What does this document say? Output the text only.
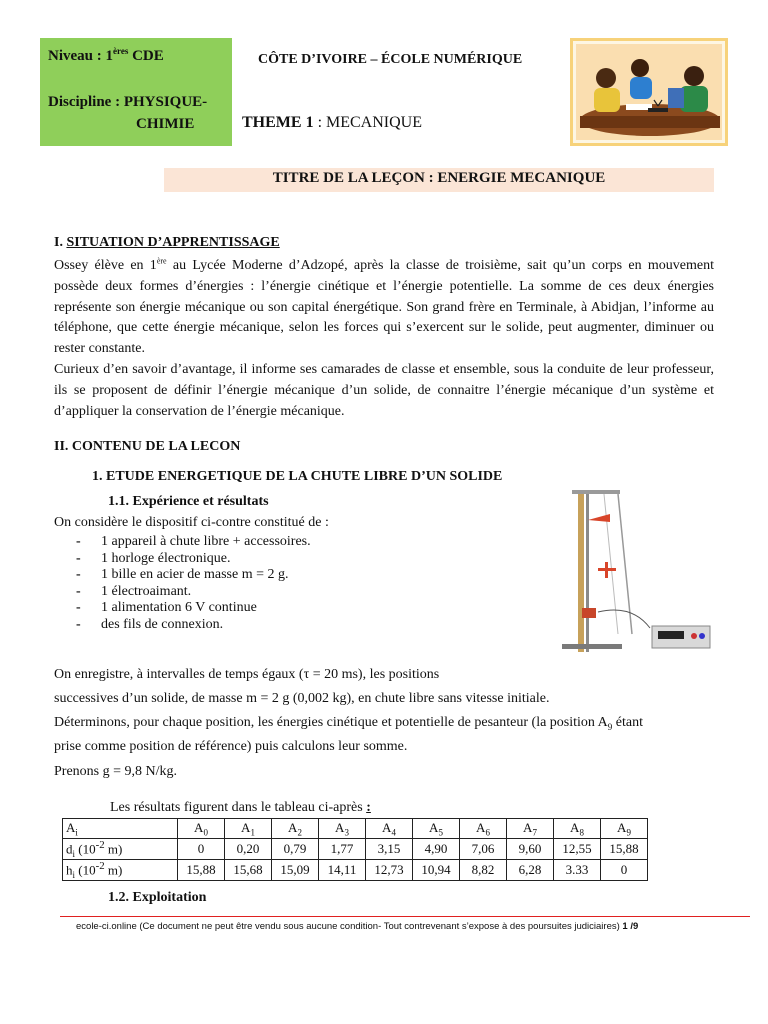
Niveau : 1ères CDE
Discipline : PHYSIQUE-
CHIMIE
CÔTE D’IVOIRE – ÉCOLE NUMÉRIQUE
THEME 1 : MECANIQUE
TITRE DE LA LEÇON : ENERGIE MECANIQUE
I. SITUATION D’APPRENTISSAGE
Ossey élève en 1ère au Lycée Moderne d’Adzopé, après la classe de troisième, sait qu’un corps en mouvement possède deux formes d’énergies : l’énergie cinétique et l’énergie potentielle. La somme de ces deux énergies représente son énergie mécanique ou son capital énergétique. Son grand frère en Terminale, à Abidjan, l’informe au téléphone, que cette énergie mécanique, selon les forces qui s’exercent sur le solide, peut augmenter, diminuer ou rester constante.
Curieux d’en savoir d’avantage, il informe ses camarades de classe et ensemble, sous la conduite de leur professeur, ils se proposent de définir l’énergie mécanique d’un solide, de connaitre l’énergie mécanique d’un système et d’appliquer la conservation de l’énergie mécanique.
II. CONTENU DE LA LECON
1. ETUDE ENERGETIQUE DE LA CHUTE LIBRE D’UN SOLIDE
1.1. Expérience et résultats
On considère le dispositif ci-contre constitué de :
- 1 appareil à chute libre + accessoires.
- 1 horloge électronique.
- 1 bille en acier de masse m = 2 g.
- 1 électroaimant.
- 1 alimentation 6 V continue
- des fils de connexion.
On enregistre, à intervalles de temps égaux (τ = 20 ms), les positions
successives d’un solide, de masse m = 2 g (0,002 kg), en chute libre sans vitesse initiale.
Déterminons, pour chaque position, les énergies cinétique et potentielle de pesanteur (la position $A_9$ étant
prise comme position de référence) puis calculons leur somme.
Prenons g = 9,8 N/kg.
Les résultats figurent dans le tableau ci-après :
$A_i$	$A_0$	$A_1$	$A_2$	$A_3$	$A_4$	$A_5$	$A_6$	$A_7$	$A_8$	$A_9$
$d_i$ ($10^{-2}$ m)	0	0,20	0,79	1,77	3,15	4,90	7,06	9,60	12,55	15,88
$h_i$ ($10^{-2}$ m)	15,88	15,68	15,09	14,11	12,73	10,94	8,82	6,28	3.33	0
1.2. Exploitation
ecole-ci.online (Ce document ne peut être vendu sous aucune condition- Tout contrevenant s’expose à des poursuites judiciaires) 1 /9
